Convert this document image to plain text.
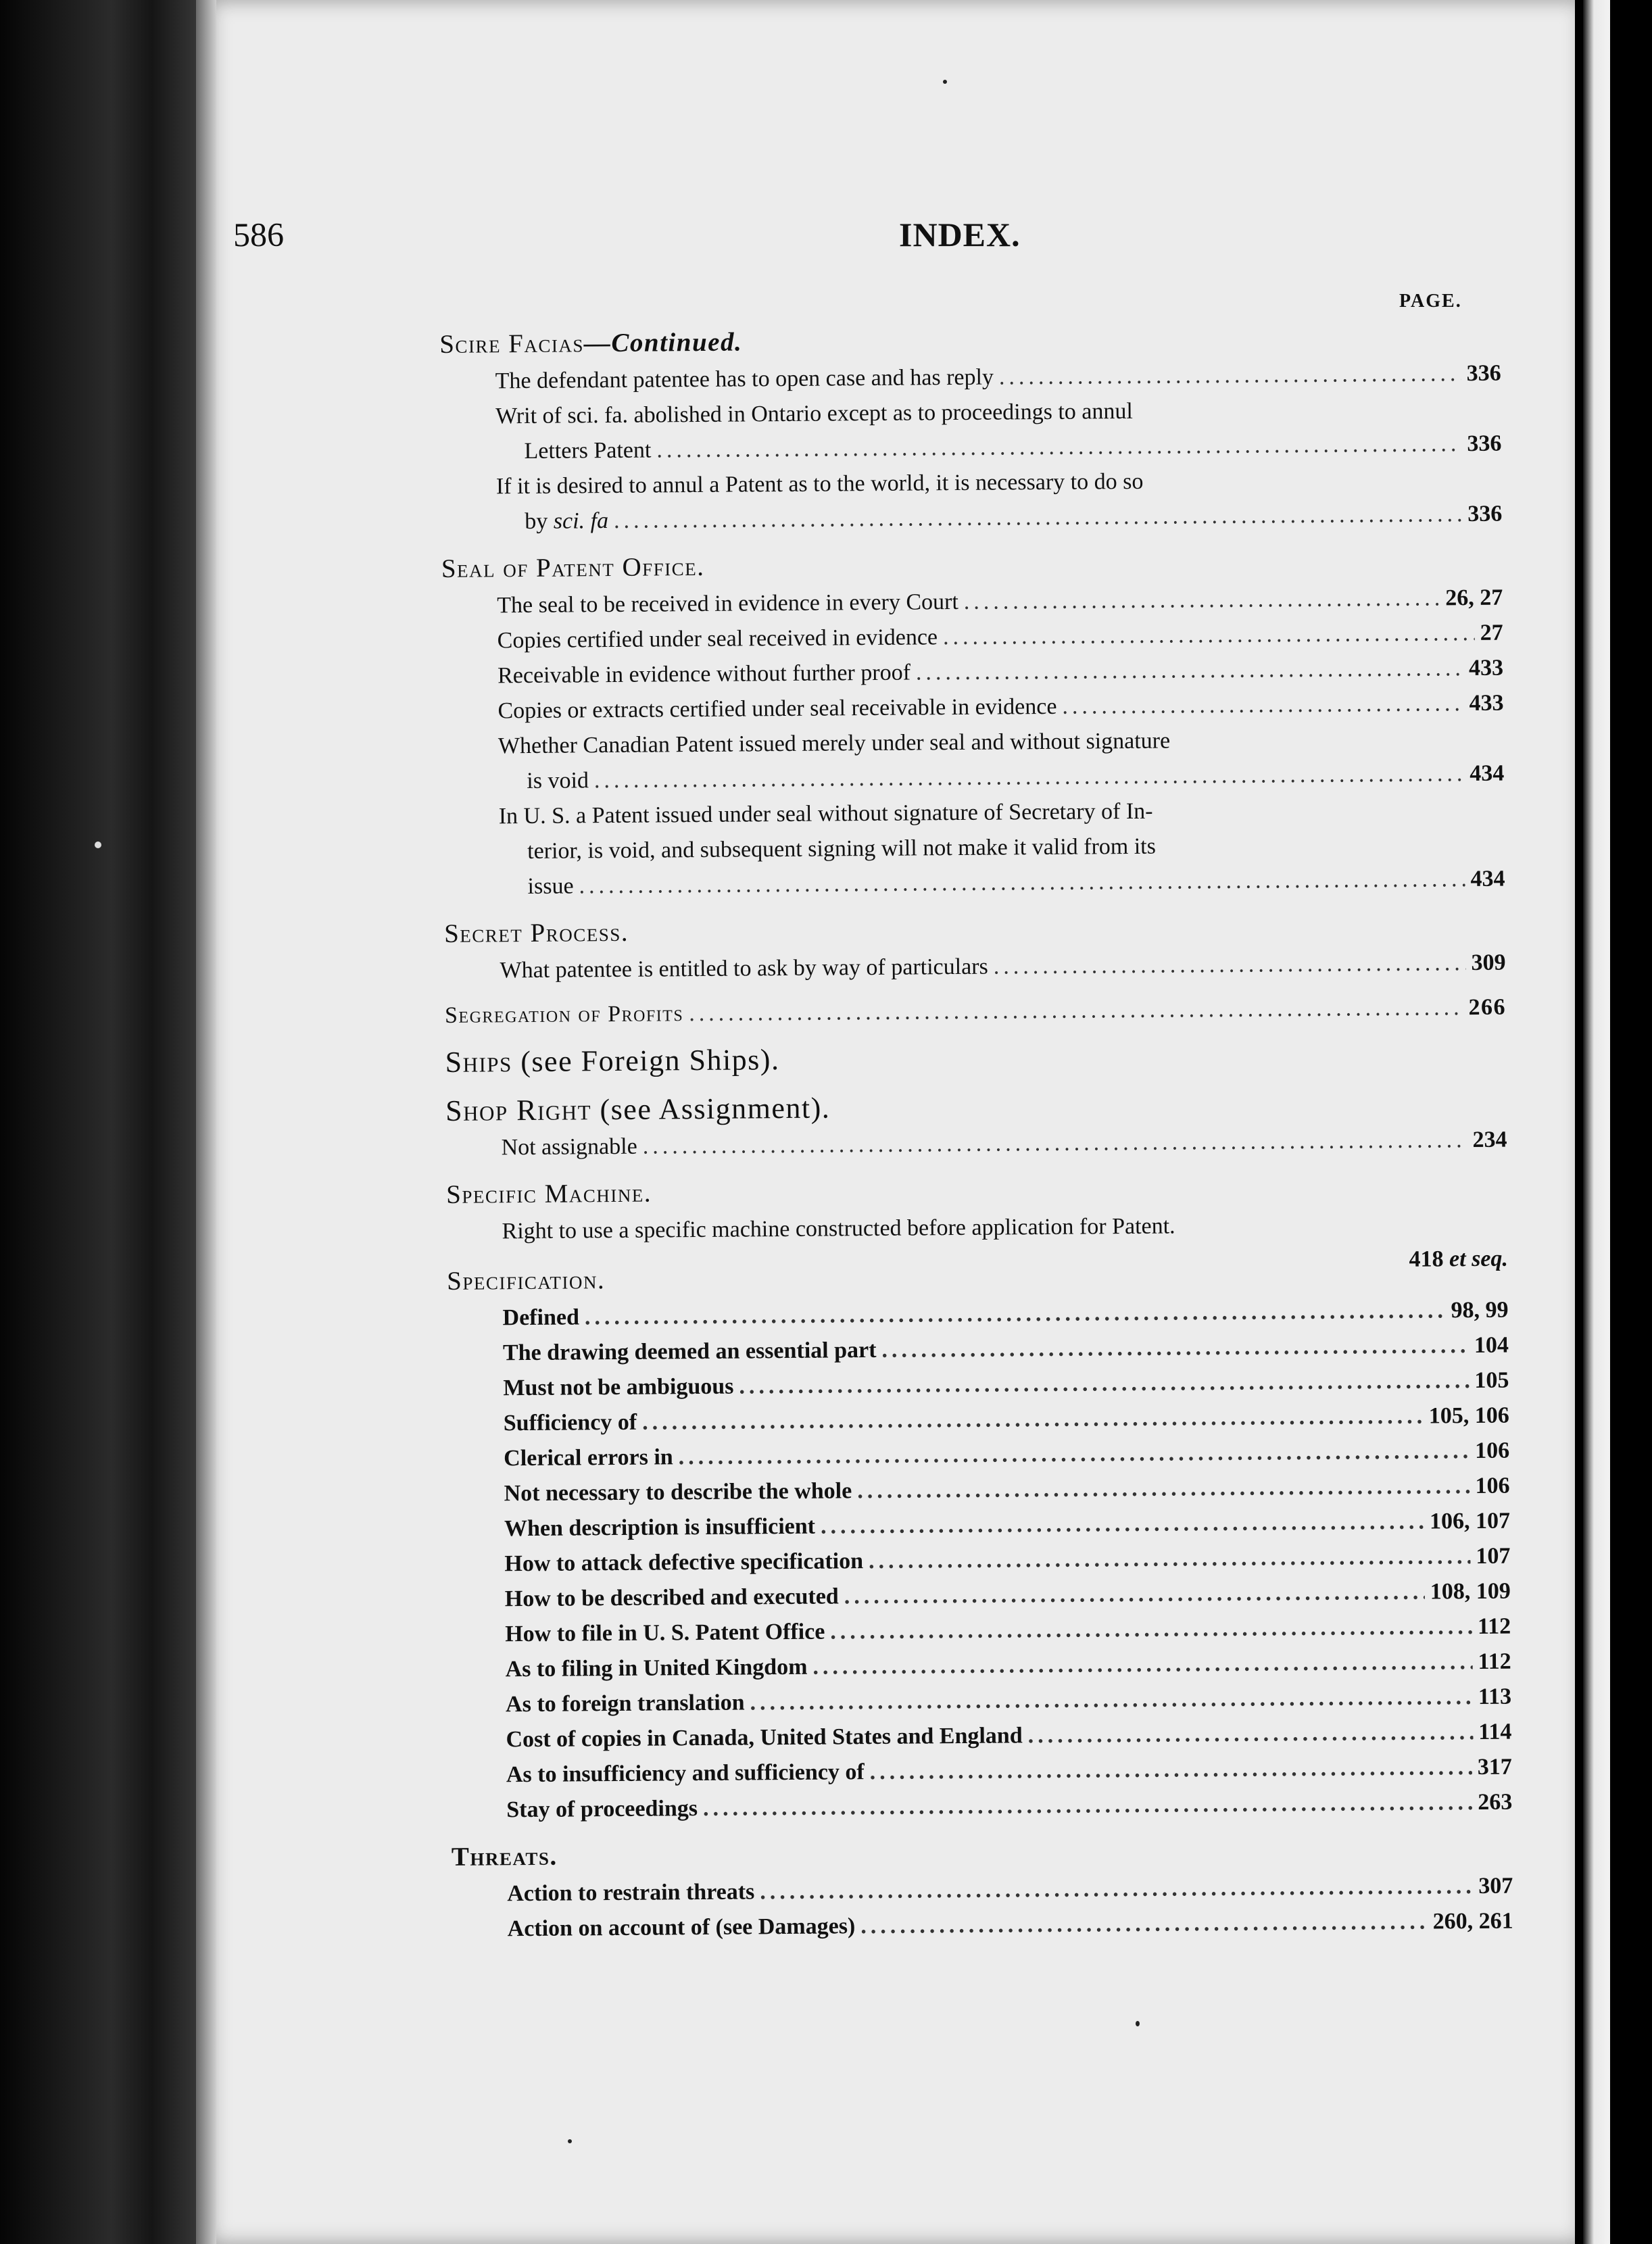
586	INDEX.
PAGE.
Scire Facias—Continued.
The defendant patentee has to open case and has reply .....	336
Writ of sci. fa. abolished in Ontario except as to proceedings to annul
Letters Patent .....	336
If it is desired to annul a Patent as to the world, it is necessary to do so
by sci. fa .....	336
Seal of Patent Office.
The seal to be received in evidence in every Court .....	26, 27
Copies certified under seal received in evidence .....	27
Receivable in evidence without further proof .....	433
Copies or extracts certified under seal receivable in evidence .....	433
Whether Canadian Patent issued merely under seal and without signature
is void .....	434
In U. S. a Patent issued under seal without signature of Secretary of In-
terior, is void, and subsequent signing will not make it valid from its
issue .....	434
Secret Process.
What patentee is entitled to ask by way of particulars .....	309
Segregation of Profits .....	266
Ships (see Foreign Ships).
Shop Right (see Assignment).
Not assignable .....	234
Specific Machine.
Right to use a specific machine constructed before application for Patent.
418 et seq.
Specification.
Defined .....	98, 99
The drawing deemed an essential part .....	104
Must not be ambiguous .....	105
Sufficiency of .....	105, 106
Clerical errors in .....	106
Not necessary to describe the whole .....	106
When description is insufficient .....	106, 107
How to attack defective specification .....	107
How to be described and executed .....	108, 109
How to file in U. S. Patent Office .....	112
As to filing in United Kingdom .....	112
As to foreign translation .....	113
Cost of copies in Canada, United States and England .....	114
As to insufficiency and sufficiency of .....	317
Stay of proceedings .....	263
Threats.
Action to restrain threats .....	307
Action on account of (see Damages) .....	260, 261
